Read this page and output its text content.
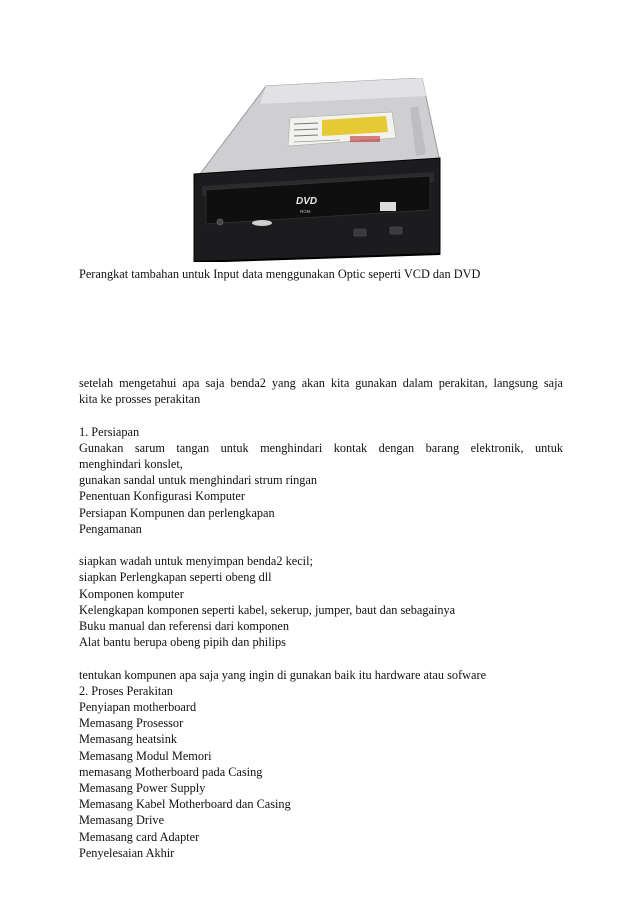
DVD
ROM
Perangkat tambahan untuk Input data menggunakan Optic seperti VCD dan DVD
setelah mengetahui apa saja benda2 yang akan kita gunakan dalam perakitan, langsung saja
kita ke prosses perakitan
1. Persiapan
Gunakan sarum tangan untuk menghindari kontak dengan barang elektronik, untuk
menghindari konslet,
gunakan sandal untuk menghindari strum ringan
Penentuan Konfigurasi Komputer
Persiapan Kompunen dan perlengkapan
Pengamanan
siapkan wadah untuk menyimpan benda2 kecil;
siapkan Perlengkapan seperti obeng dll
Komponen komputer
Kelengkapan komponen seperti kabel, sekerup, jumper, baut dan sebagainya
Buku manual dan referensi dari komponen
Alat bantu berupa obeng pipih dan philips
tentukan kompunen apa saja yang ingin di gunakan baik itu hardware atau sofware
2. Proses Perakitan
Penyiapan motherboard
Memasang Prosessor
Memasang heatsink
Memasang Modul Memori
memasang Motherboard pada Casing
Memasang Power Supply
Memasang Kabel Motherboard dan Casing
Memasang Drive
Memasang card Adapter
Penyelesaian Akhir
